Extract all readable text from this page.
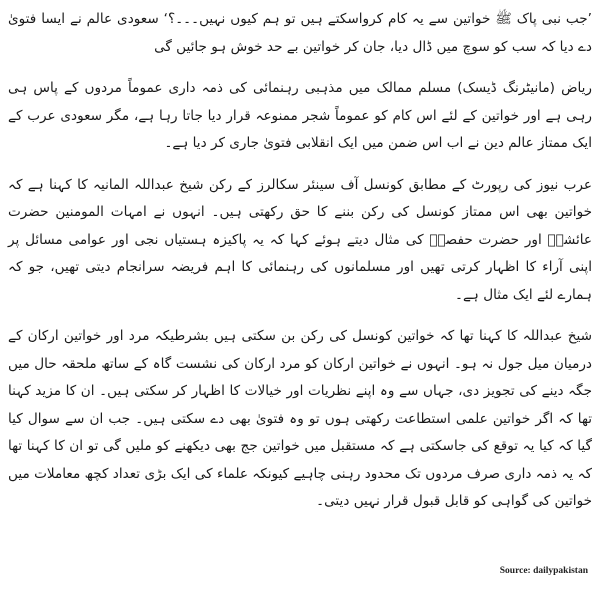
’جب نبی پاک ﷺ خواتین سے یہ کام کرواسکتے ہیں تو ہم کیوں نہیں۔۔۔؟‘ سعودی عالم نے ایسا فتویٰ دے دیا کہ سب کو سوچ میں ڈال دیا، جان کر خواتین بے حد خوش ہو جائیں گی

ریاض (مانیٹرنگ ڈیسک) مسلم ممالک میں مذہبی رہنمائی کی ذمہ داری عموماً مردوں کے پاس ہی رہی ہے اور خواتین کے لئے اس کام کو عموماً شجر ممنوعہ قرار دیا جاتا رہا ہے، مگر سعودی عرب کے ایک ممتاز عالم دین نے اب اس ضمن میں ایک انقلابی فتویٰ جاری کر دیا ہے۔

عرب نیوز کی رپورٹ کے مطابق کونسل آف سینئر سکالرز کے رکن شیخ عبداللہ المانیہ کا کہنا ہے کہ خواتین بھی اس ممتاز کونسل کی رکن بننے کا حق رکھتی ہیں۔ انہوں نے امہات المومنین حضرت عائشہؓ اور حضرت حفصہؓ کی مثال دیتے ہوئے کہا کہ یہ پاکیزہ ہستیاں نجی اور عوامی مسائل پر اپنی آراء کا اظہار کرتی تھیں اور مسلمانوں کی رہنمائی کا اہم فریضہ سرانجام دیتی تھیں، جو کہ ہمارے لئے ایک مثال ہے۔

شیخ عبداللہ کا کہنا تھا کہ خواتین کونسل کی رکن بن سکتی ہیں بشرطیکہ مرد اور خواتین ارکان کے درمیان میل جول نہ ہو۔ انہوں نے خواتین ارکان کو مرد ارکان کی نشست گاہ کے ساتھ ملحقہ حال میں جگہ دینے کی تجویز دی، جہاں سے وہ اپنے نظریات اور خیالات کا اظہار کر سکتی ہیں۔ ان کا مزید کہنا تھا کہ اگر خواتین علمی استطاعت رکھتی ہوں تو وہ فتویٰ بھی دے سکتی ہیں۔ جب ان سے سوال کیا گیا کہ کیا یہ توقع کی جاسکتی ہے کہ مستقبل میں خواتین جج بھی دیکھنے کو ملیں گی تو ان کا کہنا تھا کہ یہ ذمہ داری صرف مردوں تک محدود رہنی چاہیے کیونکہ علماء کی ایک بڑی تعداد کچھ معاملات میں خواتین کی گواہی کو قابل قبول قرار نہیں دیتی۔

Source: dailypakistan
